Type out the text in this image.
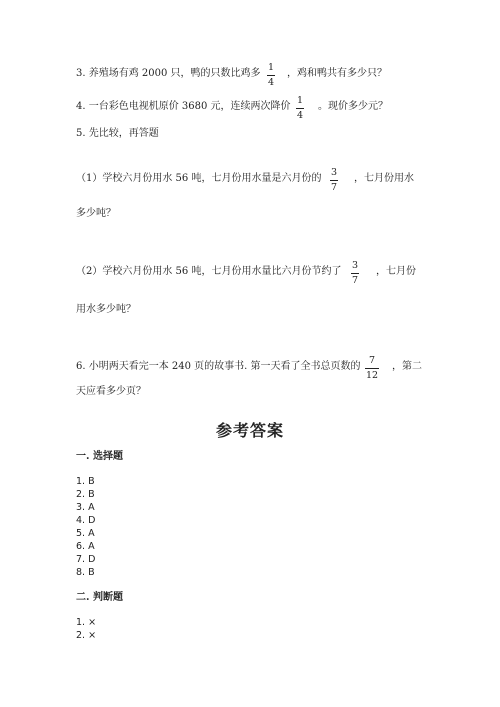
3. 养殖场有鸡 2000 只，鸭的只数比鸡多
1
4
，鸡和鸭共有多少只？
4. 一台彩色电视机原价 3680 元，连续两次降价
1
4
。现价多少元？
5. 先比较，再答题
（1）学校六月份用水 56 吨，七月份用水量是六月份的
3
7
，七月份用水
多少吨？
（2）学校六月份用水 56 吨，七月份用水量比六月份节约了
3
7
，七月份
用水多少吨？
6. 小明两天看完一本 240 页的故事书. 第一天看了全书总页数的
7
12
，第二
天应看多少页？
参考答案
一. 选择题
1. B
2. B
3. A
4. D
5. A
6. A
7. D
8. B
二. 判断题
1. ×
2. ×
